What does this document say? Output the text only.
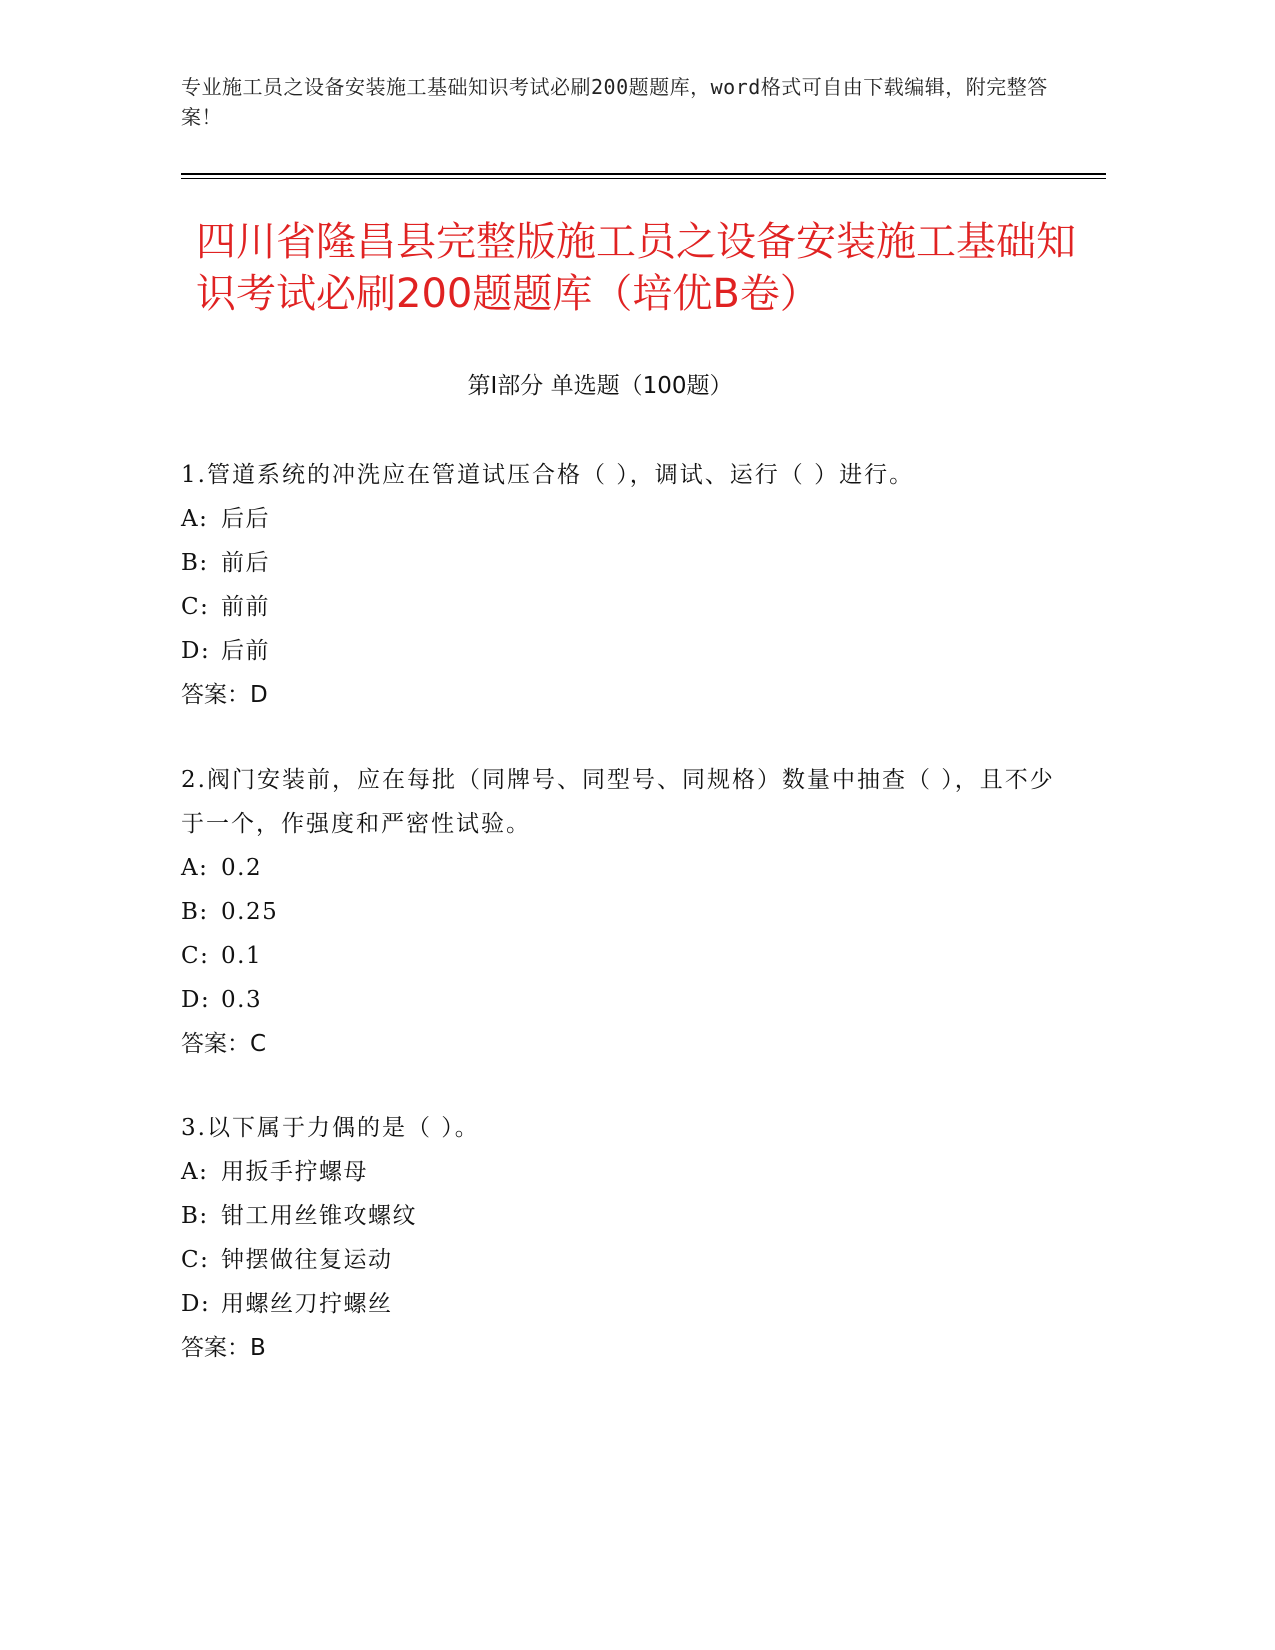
专业施工员之设备安装施工基础知识考试必刷200题题库，word格式可自由下载编辑，附完整答案！
四川省隆昌县完整版施工员之设备安装施工基础知识考试必刷200题题库（培优B卷）
第Ⅰ部分 单选题（100题）
1.管道系统的冲洗应在管道试压合格（ ），调试、运行（ ）进行。
A: 后后
B: 前后
C: 前前
D: 后前
答案：D
2.阀门安装前，应在每批（同牌号、同型号、同规格）数量中抽查（ ），且不少于一个，作强度和严密性试验。
A: 0.2
B: 0.25
C: 0.1
D: 0.3
答案：C
3.以下属于力偶的是（ ）。
A: 用扳手拧螺母
B: 钳工用丝锥攻螺纹
C: 钟摆做往复运动
D: 用螺丝刀拧螺丝
答案：B
